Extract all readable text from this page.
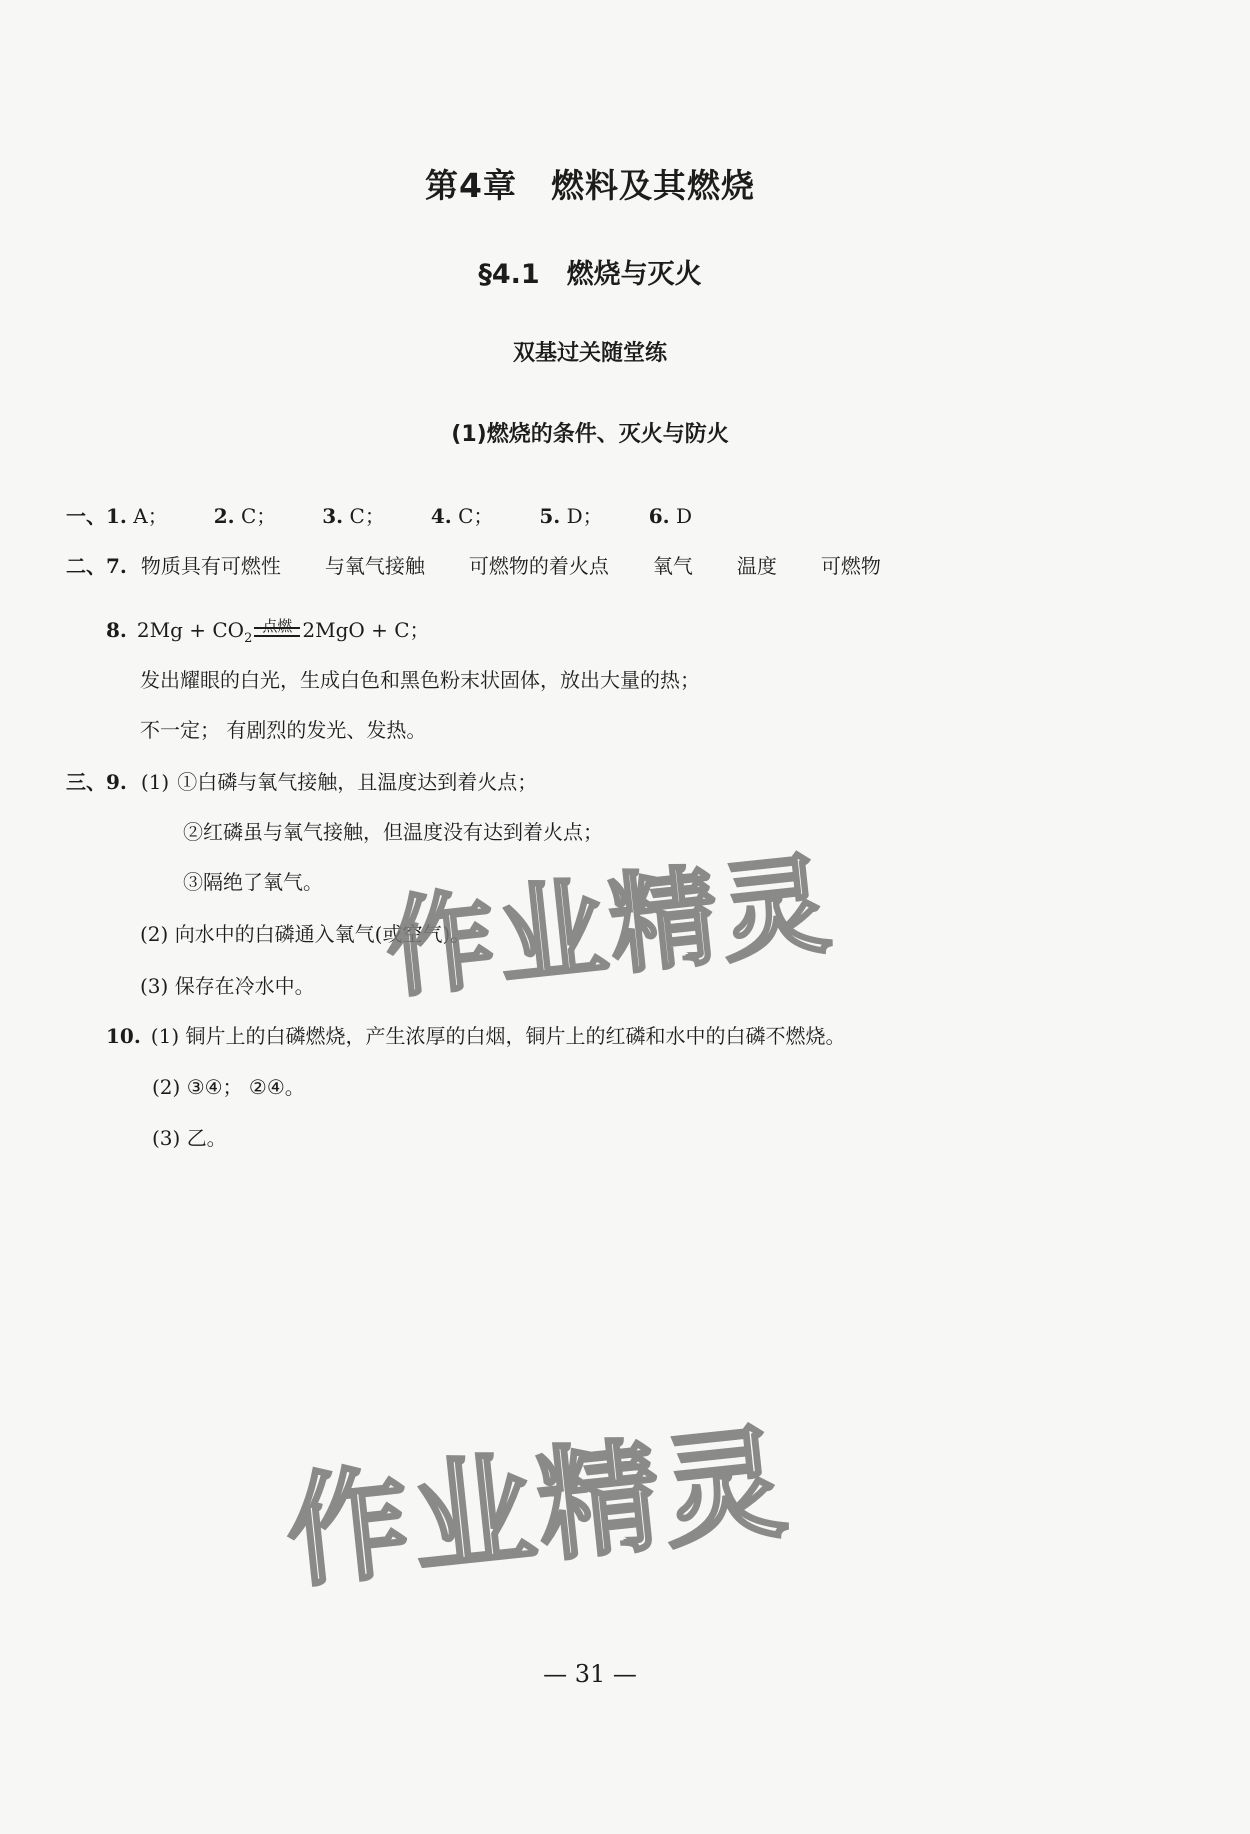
第4章　燃料及其燃烧
§4.1　燃烧与灭火
双基过关随堂练
(1)燃烧的条件、灭火与防火
一、1. A； 2. C； 3. C； 4. C； 5. D； 6. D
二、7. 物质具有可燃性 与氧气接触 可燃物的着火点 氧气 温度 可燃物
8. $2Mg + CO_2$
点燃 2MgO + C；
发出耀眼的白光，生成白色和黑色粉末状固体，放出大量的热；
不一定； 有剧烈的发光、发热。
三、9. (1) ①白磷与氧气接触，且温度达到着火点；
②红磷虽与氧气接触，但温度没有达到着火点；
③隔绝了氧气。
(2) 向水中的白磷通入氧气(或空气)。
(3) 保存在冷水中。
10. (1) 铜片上的白磷燃烧，产生浓厚的白烟，铜片上的红磷和水中的白磷不燃烧。
(2) ③④； ②④。
(3) 乙。
作业精灵
作业精灵
— 31 —
